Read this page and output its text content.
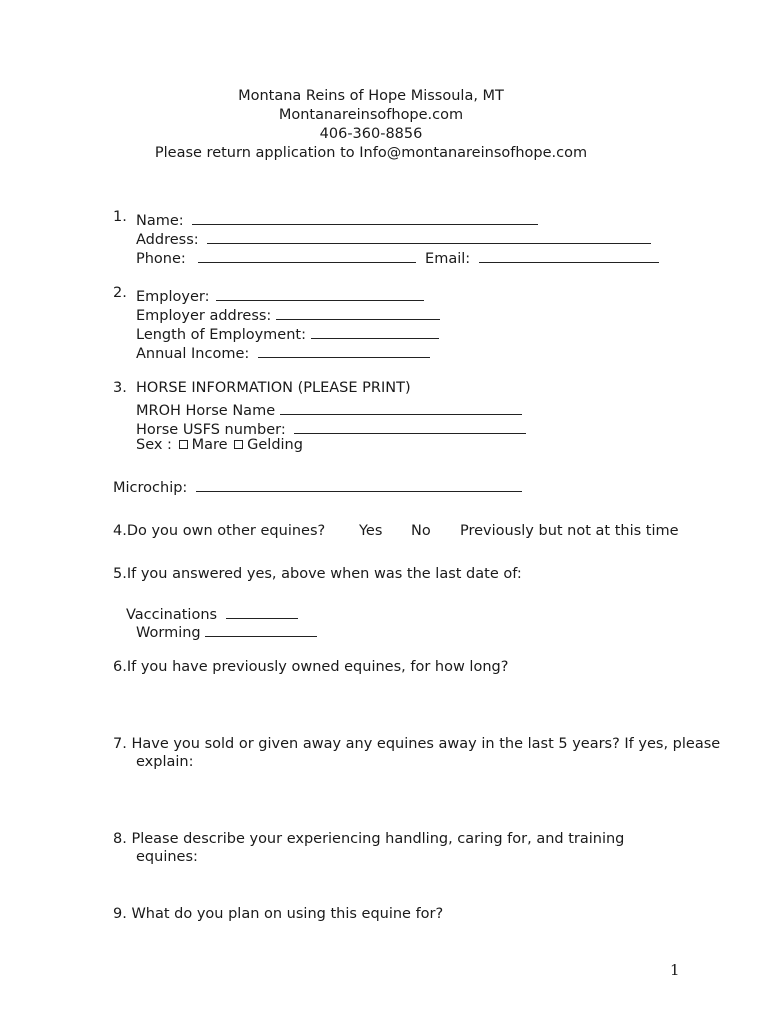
Montana Reins of Hope Missoula, MT
Montanareinsofhope.com
406-360-8856
Please return application to Info@montanareinsofhope.com
1. Name:
Address:
Phone:	Email:
2. Employer:
Employer address:
Length of Employment:
Annual Income:
3. HORSE INFORMATION (PLEASE PRINT)
MROH Horse Name
Horse USFS number:
Sex : Mare Gelding
Microchip:
4.Do you own other equines? Yes No Previously but not at this time
5.If you answered yes, above when was the last date of:
Vaccinations
Worming
6.If you have previously owned equines, for how long?
7. Have you sold or given away any equines away in the last 5 years? If yes, please
explain:
8. Please describe your experiencing handling, caring for, and training
equines:
9. What do you plan on using this equine for?
1
